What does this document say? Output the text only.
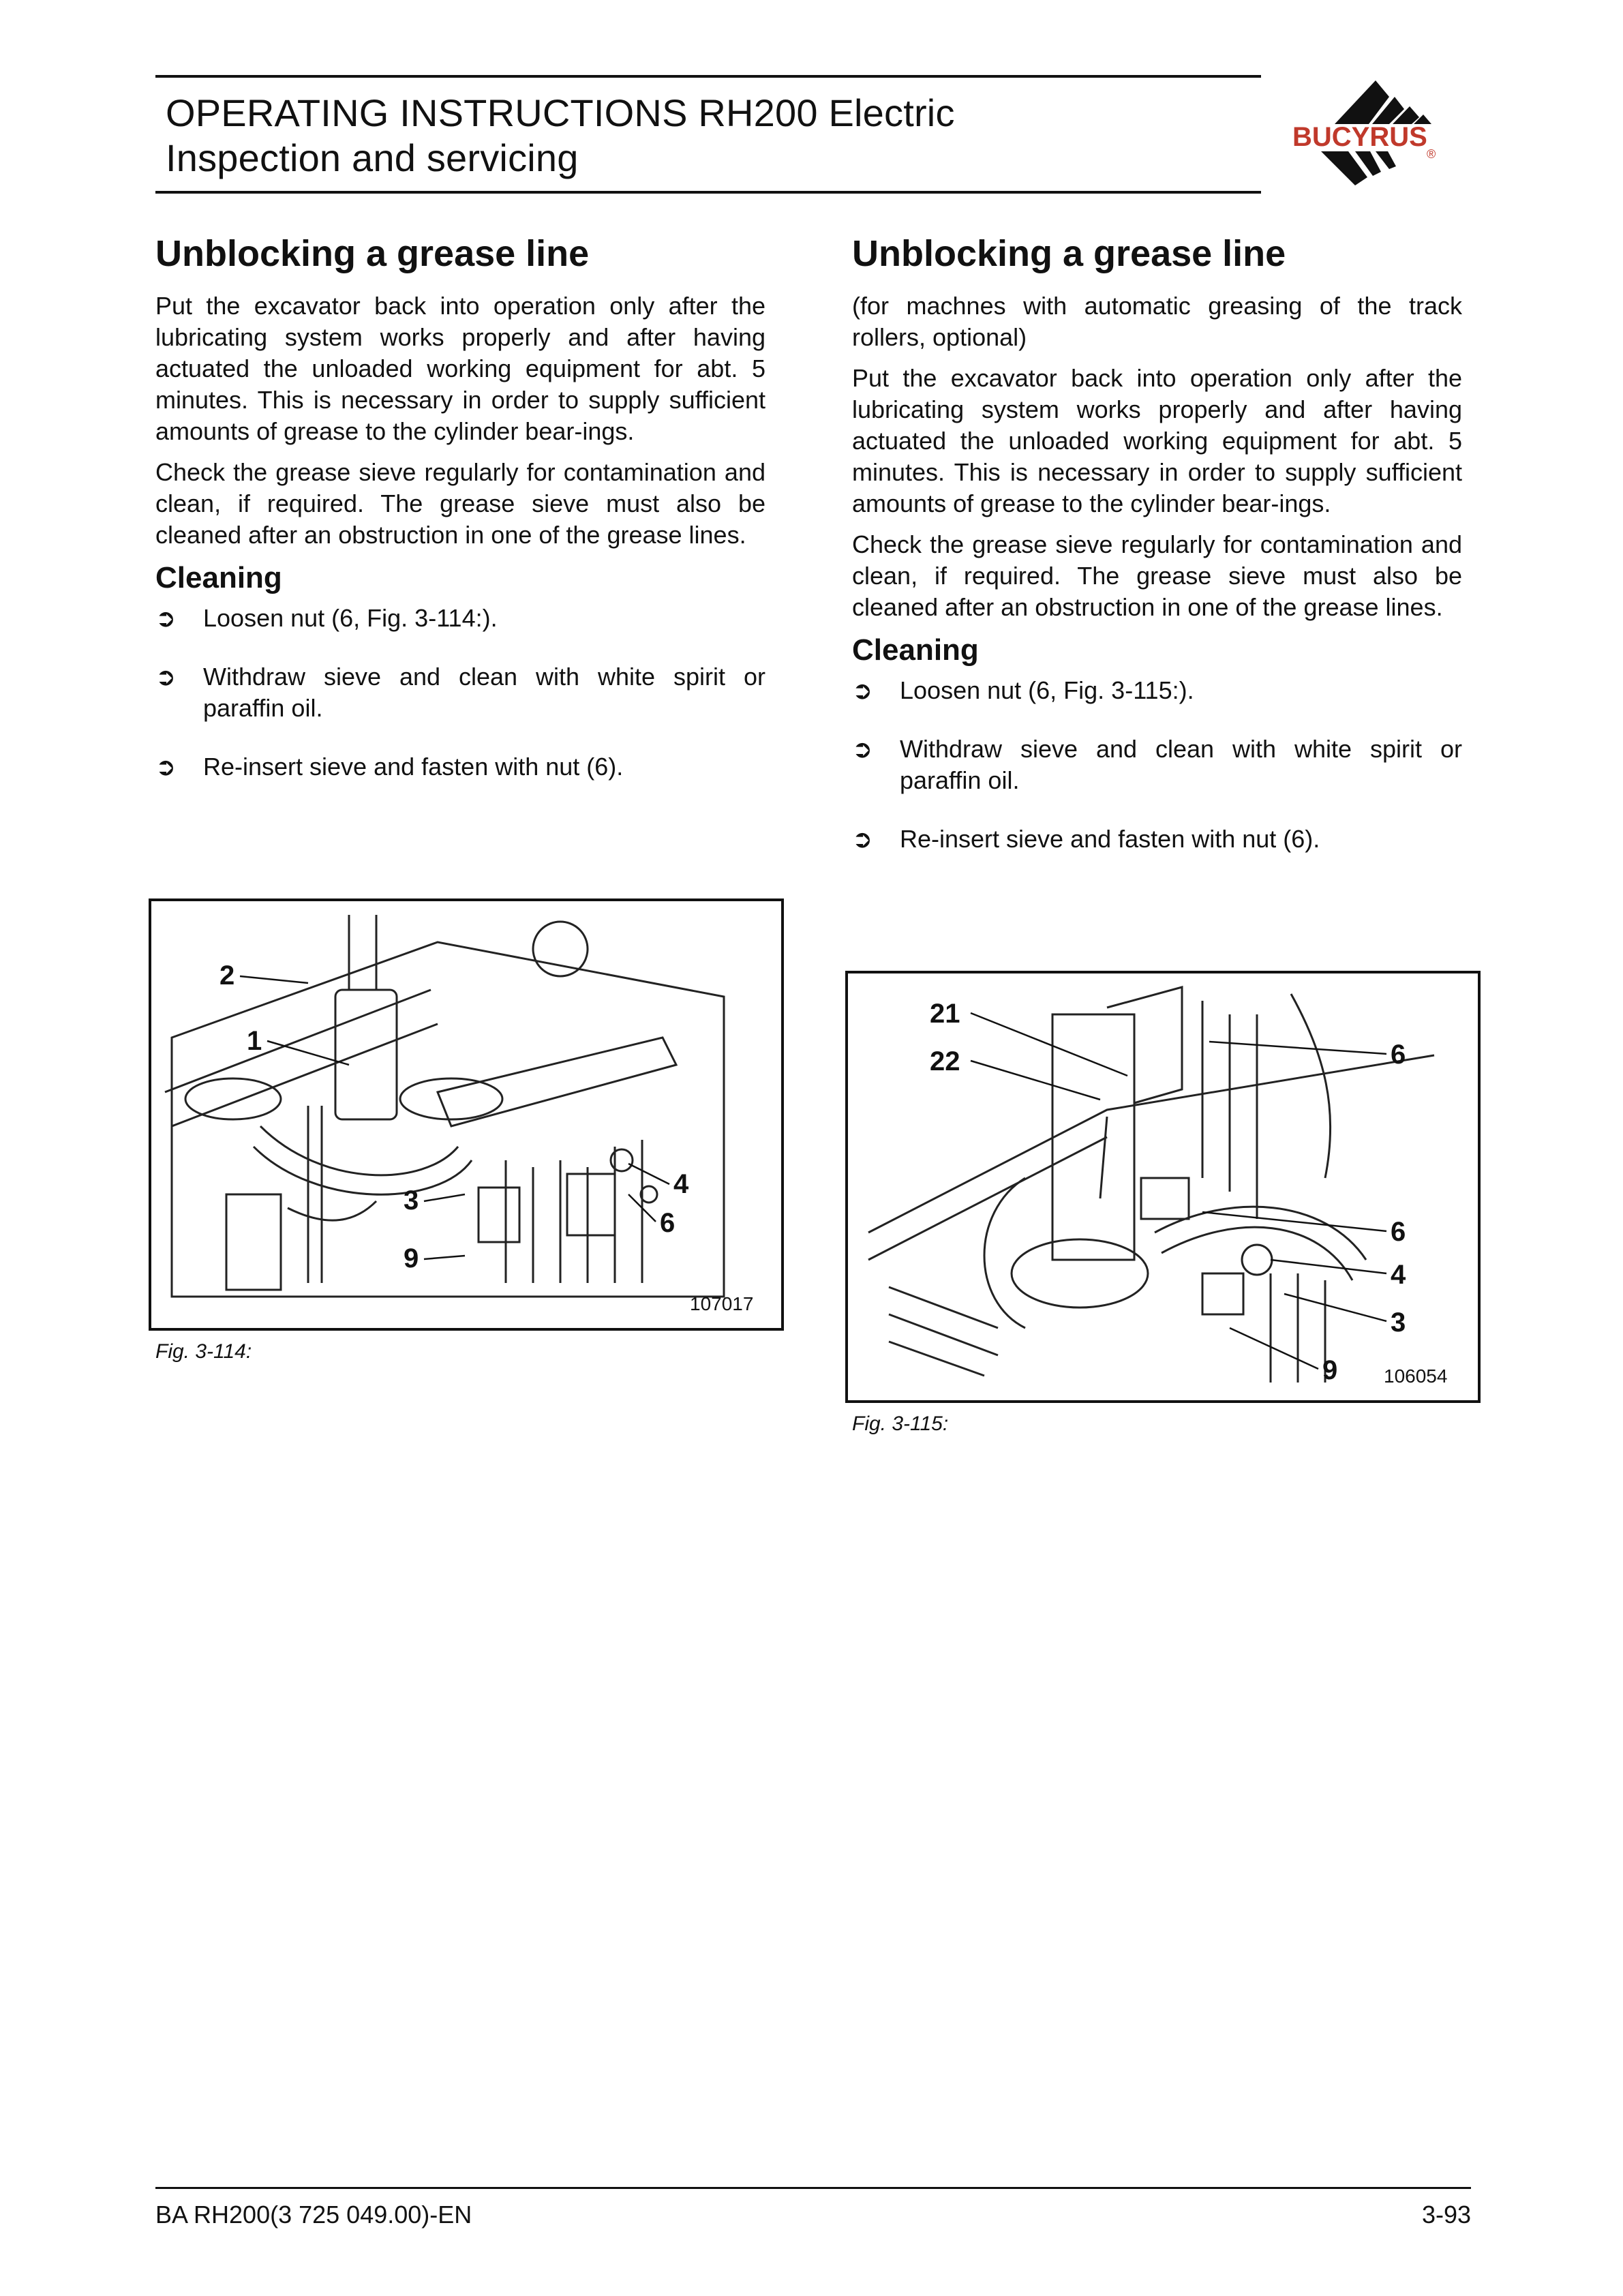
OPERATING INSTRUCTIONS RH200 Electric
Inspection and servicing	BUCYRUS
®
Unblocking a grease line

Put the excavator back into operation only after the lubricating system works properly and after having actuated the unloaded working equipment for abt. 5 minutes. This is necessary in order to supply sufficient amounts of grease to the cylinder bear-ings.

Check the grease sieve regularly for contamination and clean, if required. The grease sieve must also be cleaned after an obstruction in one of the grease lines.

Cleaning
➲ Loosen nut (6, Fig. 3-114:).
➲ Withdraw sieve and clean with white spirit or paraffin oil.
➲ Re-insert sieve and fasten with nut (6).
2
1
3
9
4
6
107017
Fig. 3-114:
Unblocking a grease line

(for machnes with automatic greasing of the track rollers, optional)

Put the excavator back into operation only after the lubricating system works properly and after having actuated the unloaded working equipment for abt. 5 minutes. This is necessary in order to supply sufficient amounts of grease to the cylinder bear-ings.

Check the grease sieve regularly for contamination and clean, if required. The grease sieve must also be cleaned after an obstruction in one of the grease lines.

Cleaning
➲ Loosen nut (6, Fig. 3-115:).
➲ Withdraw sieve and clean with white spirit or paraffin oil.
➲ Re-insert sieve and fasten with nut (6).
21
22	6
6
4
3
9 106054
Fig. 3-115:
BA RH200(3 725 049.00)-EN	3-93
